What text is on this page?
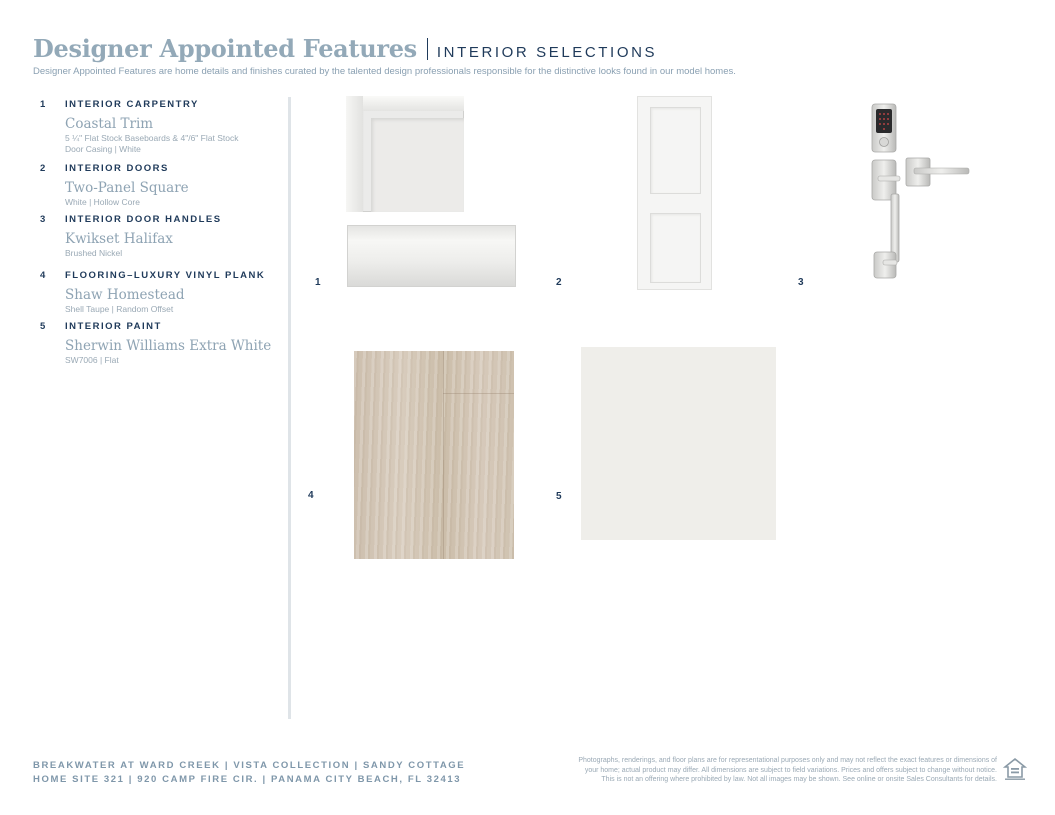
Designer Appointed Features INTERIOR SELECTIONS
Designer Appointed Features are home details and finishes curated by the talented design professionals responsible for the distinctive looks found in our model homes.
1 INTERIOR CARPENTRY
Coastal Trim
5 ¼" Flat Stock Baseboards & 4"/6" Flat Stock
Door Casing | White
2 INTERIOR DOORS
Two-Panel Square
White | Hollow Core
3 INTERIOR DOOR HANDLES
Kwikset Halifax
Brushed Nickel
4 FLOORING–LUXURY VINYL PLANK
Shaw Homestead
Shell Taupe | Random Offset
5 INTERIOR PAINT
Sherwin Williams Extra White
SW7006 | Flat
1	2	3
4	5
BREAKWATER AT WARD CREEK | VISTA COLLECTION | SANDY COTTAGE
HOME SITE 321 | 920 CAMP FIRE CIR. | PANAMA CITY BEACH, FL 32413
Photographs, renderings, and floor plans are for representational purposes only and may not reflect the exact features or dimensions of
your home; actual product may differ. All dimensions are subject to field variations. Prices and offers subject to change without notice.
This is not an offering where prohibited by law. Not all images may be shown. See online or onsite Sales Consultants for details.
